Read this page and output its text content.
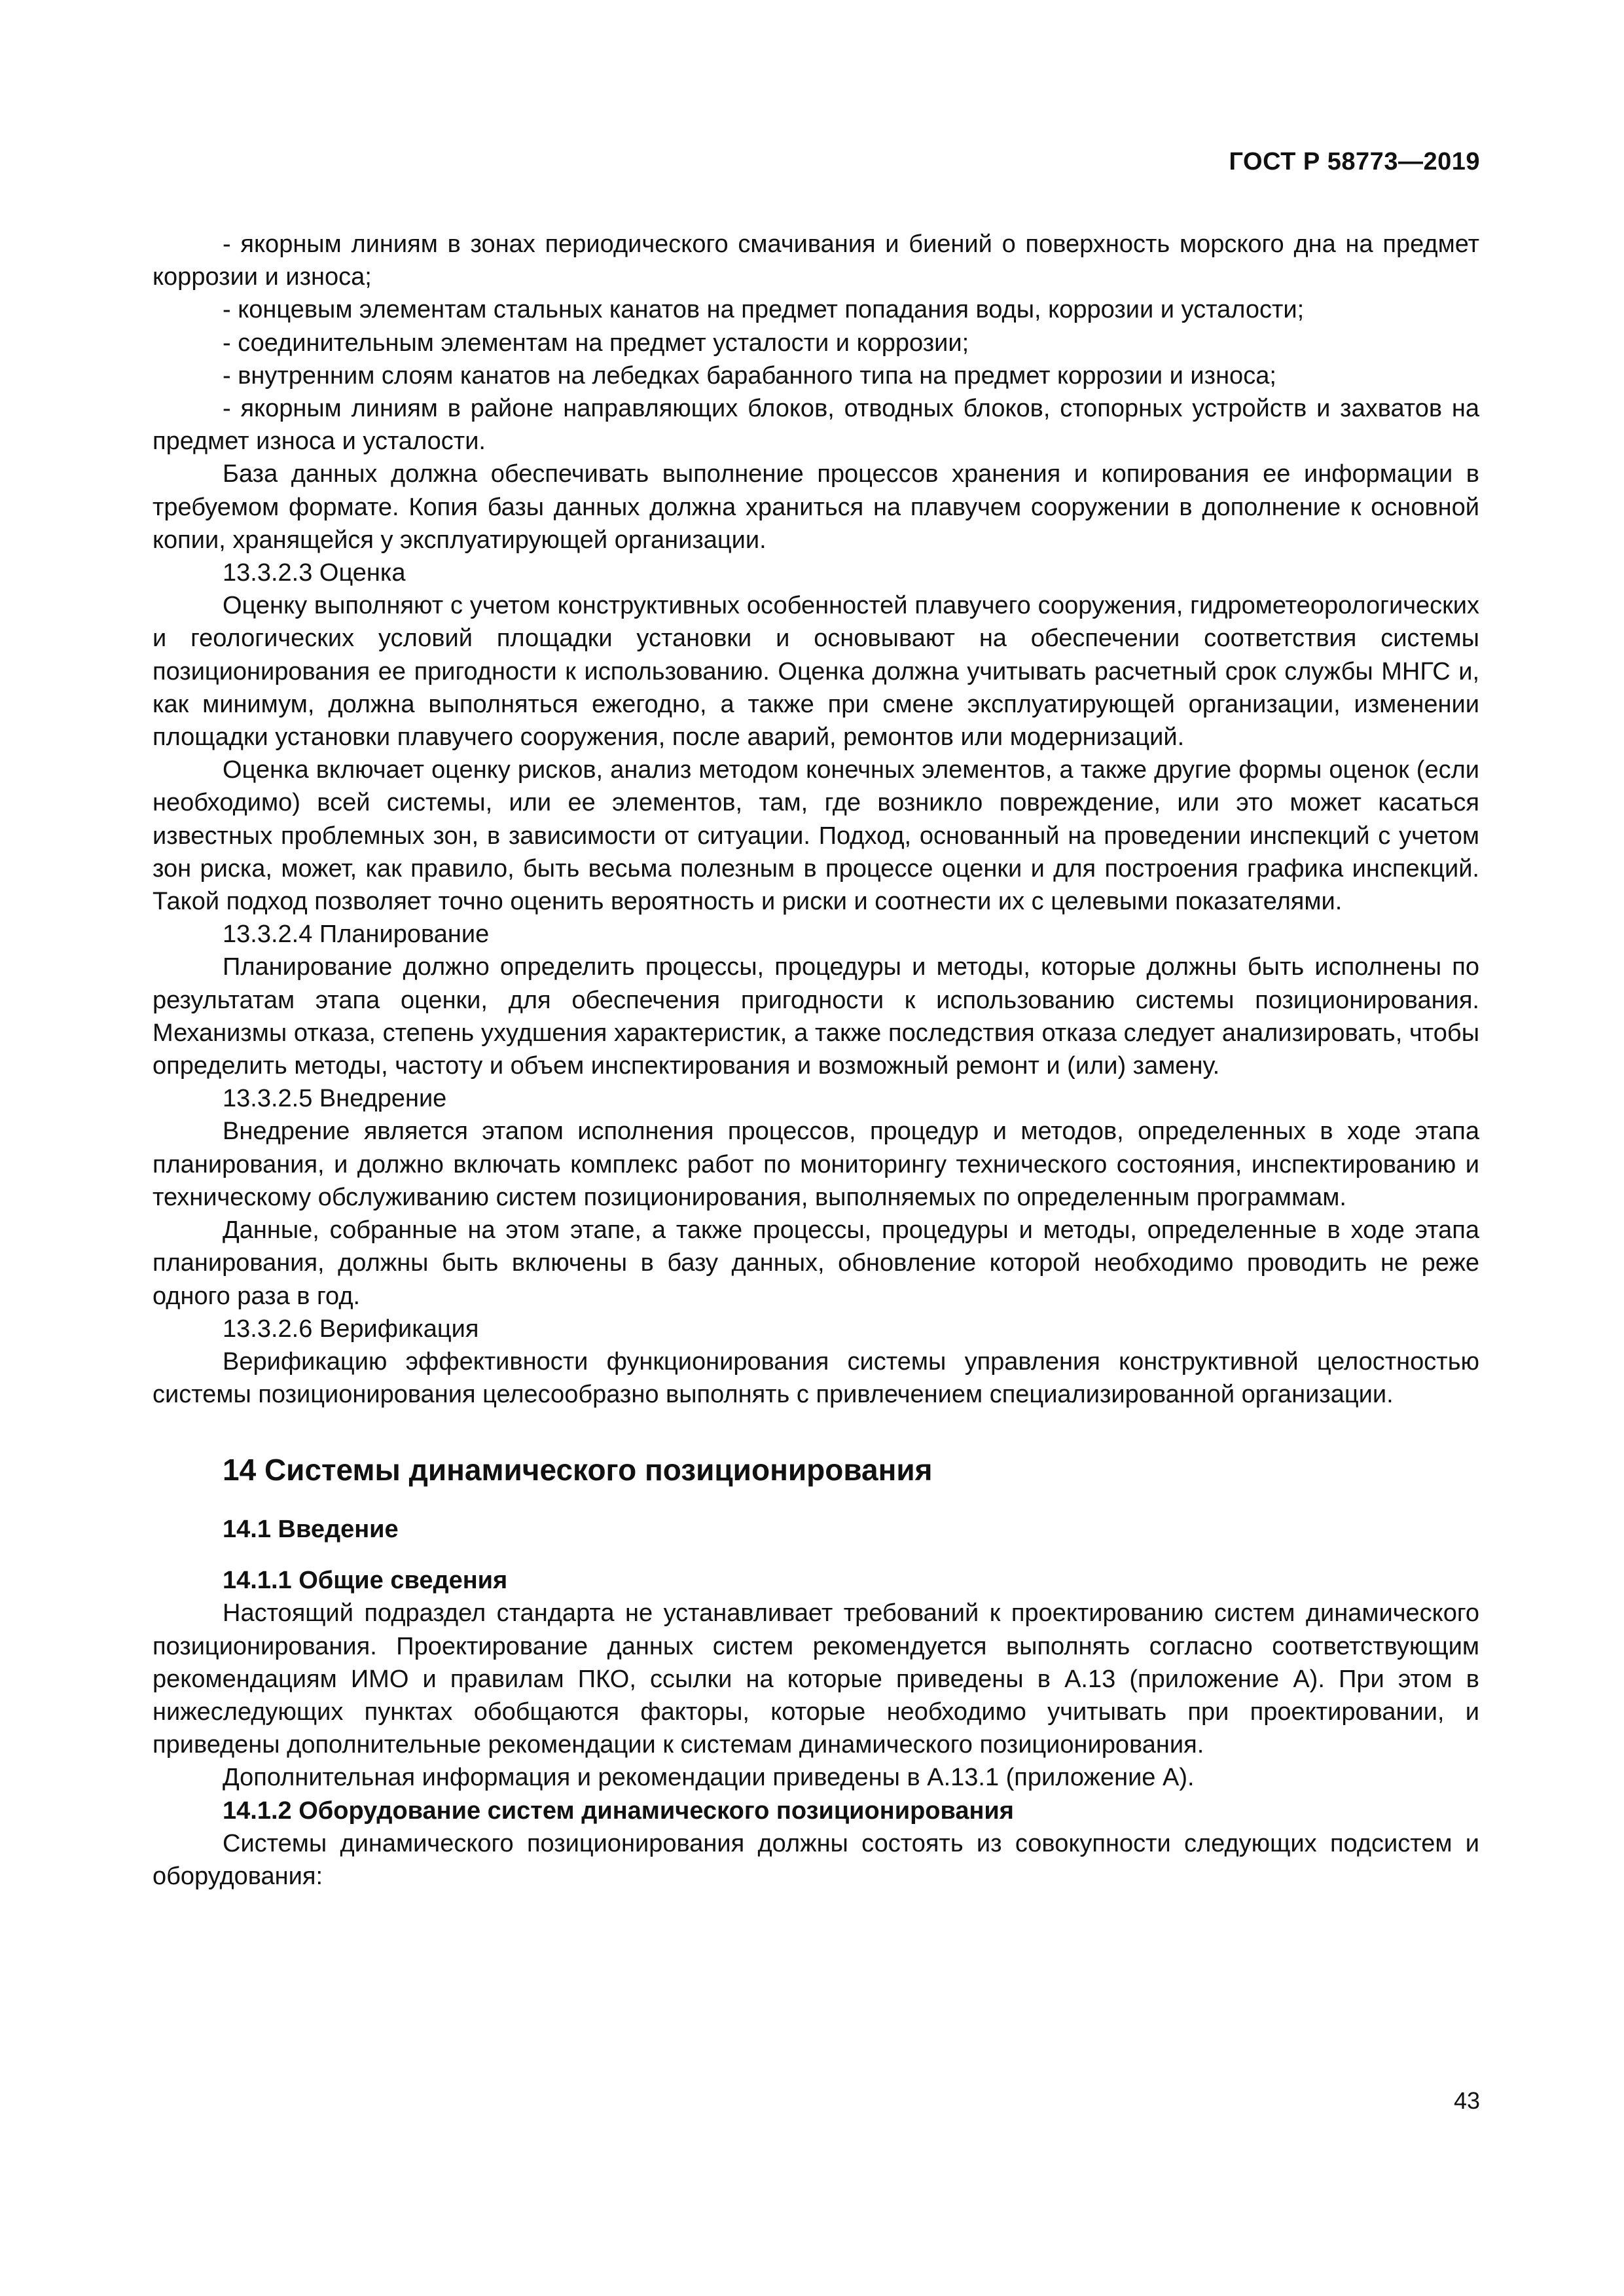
ГОСТ Р 58773—2019

- якорным линиям в зонах периодического смачивания и биений о поверхность морского дна на предмет коррозии и износа;

- концевым элементам стальных канатов на предмет попадания воды, коррозии и усталости;

- соединительным элементам на предмет усталости и коррозии;

- внутренним слоям канатов на лебедках барабанного типа на предмет коррозии и износа;

- якорным линиям в районе направляющих блоков, отводных блоков, стопорных устройств и захватов на предмет износа и усталости.

База данных должна обеспечивать выполнение процессов хранения и копирования ее информации в требуемом формате. Копия базы данных должна храниться на плавучем сооружении в дополнение к основной копии, хранящейся у эксплуатирующей организации.

13.3.2.3 Оценка

Оценку выполняют с учетом конструктивных особенностей плавучего сооружения, гидрометеорологических и геологических условий площадки установки и основывают на обеспечении соответствия системы позиционирования ее пригодности к использованию. Оценка должна учитывать расчетный срок службы МНГС и, как минимум, должна выполняться ежегодно, а также при смене эксплуатирующей организации, изменении площадки установки плавучего сооружения, после аварий, ремонтов или модернизаций.

Оценка включает оценку рисков, анализ методом конечных элементов, а также другие формы оценок (если необходимо) всей системы, или ее элементов, там, где возникло повреждение, или это может касаться известных проблемных зон, в зависимости от ситуации. Подход, основанный на проведении инспекций с учетом зон риска, может, как правило, быть весьма полезным в процессе оценки и для построения графика инспекций. Такой подход позволяет точно оценить вероятность и риски и соотнести их с целевыми показателями.

13.3.2.4 Планирование

Планирование должно определить процессы, процедуры и методы, которые должны быть исполнены по результатам этапа оценки, для обеспечения пригодности к использованию системы позиционирования. Механизмы отказа, степень ухудшения характеристик, а также последствия отказа следует анализировать, чтобы определить методы, частоту и объем инспектирования и возможный ремонт и (или) замену.

13.3.2.5 Внедрение

Внедрение является этапом исполнения процессов, процедур и методов, определенных в ходе этапа планирования, и должно включать комплекс работ по мониторингу технического состояния, инспектированию и техническому обслуживанию систем позиционирования, выполняемых по определенным программам.

Данные, собранные на этом этапе, а также процессы, процедуры и методы, определенные в ходе этапа планирования, должны быть включены в базу данных, обновление которой необходимо проводить не реже одного раза в год.

13.3.2.6 Верификация

Верификацию эффективности функционирования системы управления конструктивной целостностью системы позиционирования целесообразно выполнять с привлечением специализированной организации.

14 Системы динамического позиционирования
14.1 Введение
14.1.1 Общие сведения

Настоящий подраздел стандарта не устанавливает требований к проектированию систем динамического позиционирования. Проектирование данных систем рекомендуется выполнять согласно соответствующим рекомендациям ИМО и правилам ПКО, ссылки на которые приведены в А.13 (приложение А). При этом в нижеследующих пунктах обобщаются факторы, которые необходимо учитывать при проектировании, и приведены дополнительные рекомендации к системам динамического позиционирования.

Дополнительная информация и рекомендации приведены в А.13.1 (приложение А).

14.1.2 Оборудование систем динамического позиционирования

Системы динамического позиционирования должны состоять из совокупности следующих подсистем и оборудования:

43
